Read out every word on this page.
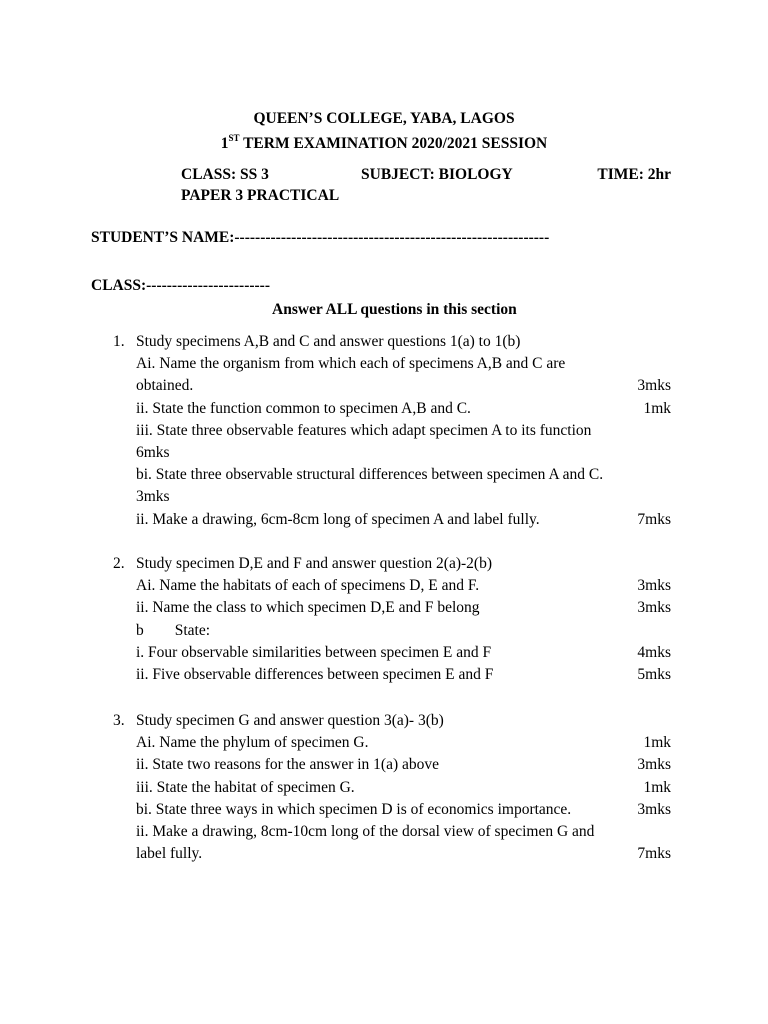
QUEEN’S COLLEGE, YABA, LAGOS
1ST TERM EXAMINATION 2020/2021 SESSION
CLASS: SS 3	SUBJECT: BIOLOGY	TIME: 2hr
PAPER 3 PRACTICAL
STUDENT’S NAME:-------------------------------------------------------------
CLASS:------------------------
Answer ALL questions in this section
1. Study specimens A,B and C and answer questions 1(a) to 1(b)
Ai. Name the organism from which each of specimens A,B and C are
obtained.	3mks
ii. State the function common to specimen A,B and C.	1mk
iii. State three observable features which adapt specimen A to its function
6mks
bi. State three observable structural differences between specimen A and C.
3mks
ii. Make a drawing, 6cm-8cm long of specimen A and label fully.	7mks
2. Study specimen D,E and F and answer question 2(a)-2(b)
Ai. Name the habitats of each of specimens D, E and F.	3mks
ii. Name the class to which specimen D,E and F belong	3mks
b        State:
i. Four observable similarities between specimen E and F	4mks
ii. Five observable differences between specimen E and F	5mks
3. Study specimen G and answer question 3(a)- 3(b)
Ai. Name the phylum of specimen G.	1mk
ii. State two reasons for the answer in 1(a) above	3mks
iii. State the habitat of specimen G.	1mk
bi. State three ways in which specimen D is of economics importance.	3mks
ii. Make a drawing, 8cm-10cm long of the dorsal view of specimen G and
label fully.	7mks
